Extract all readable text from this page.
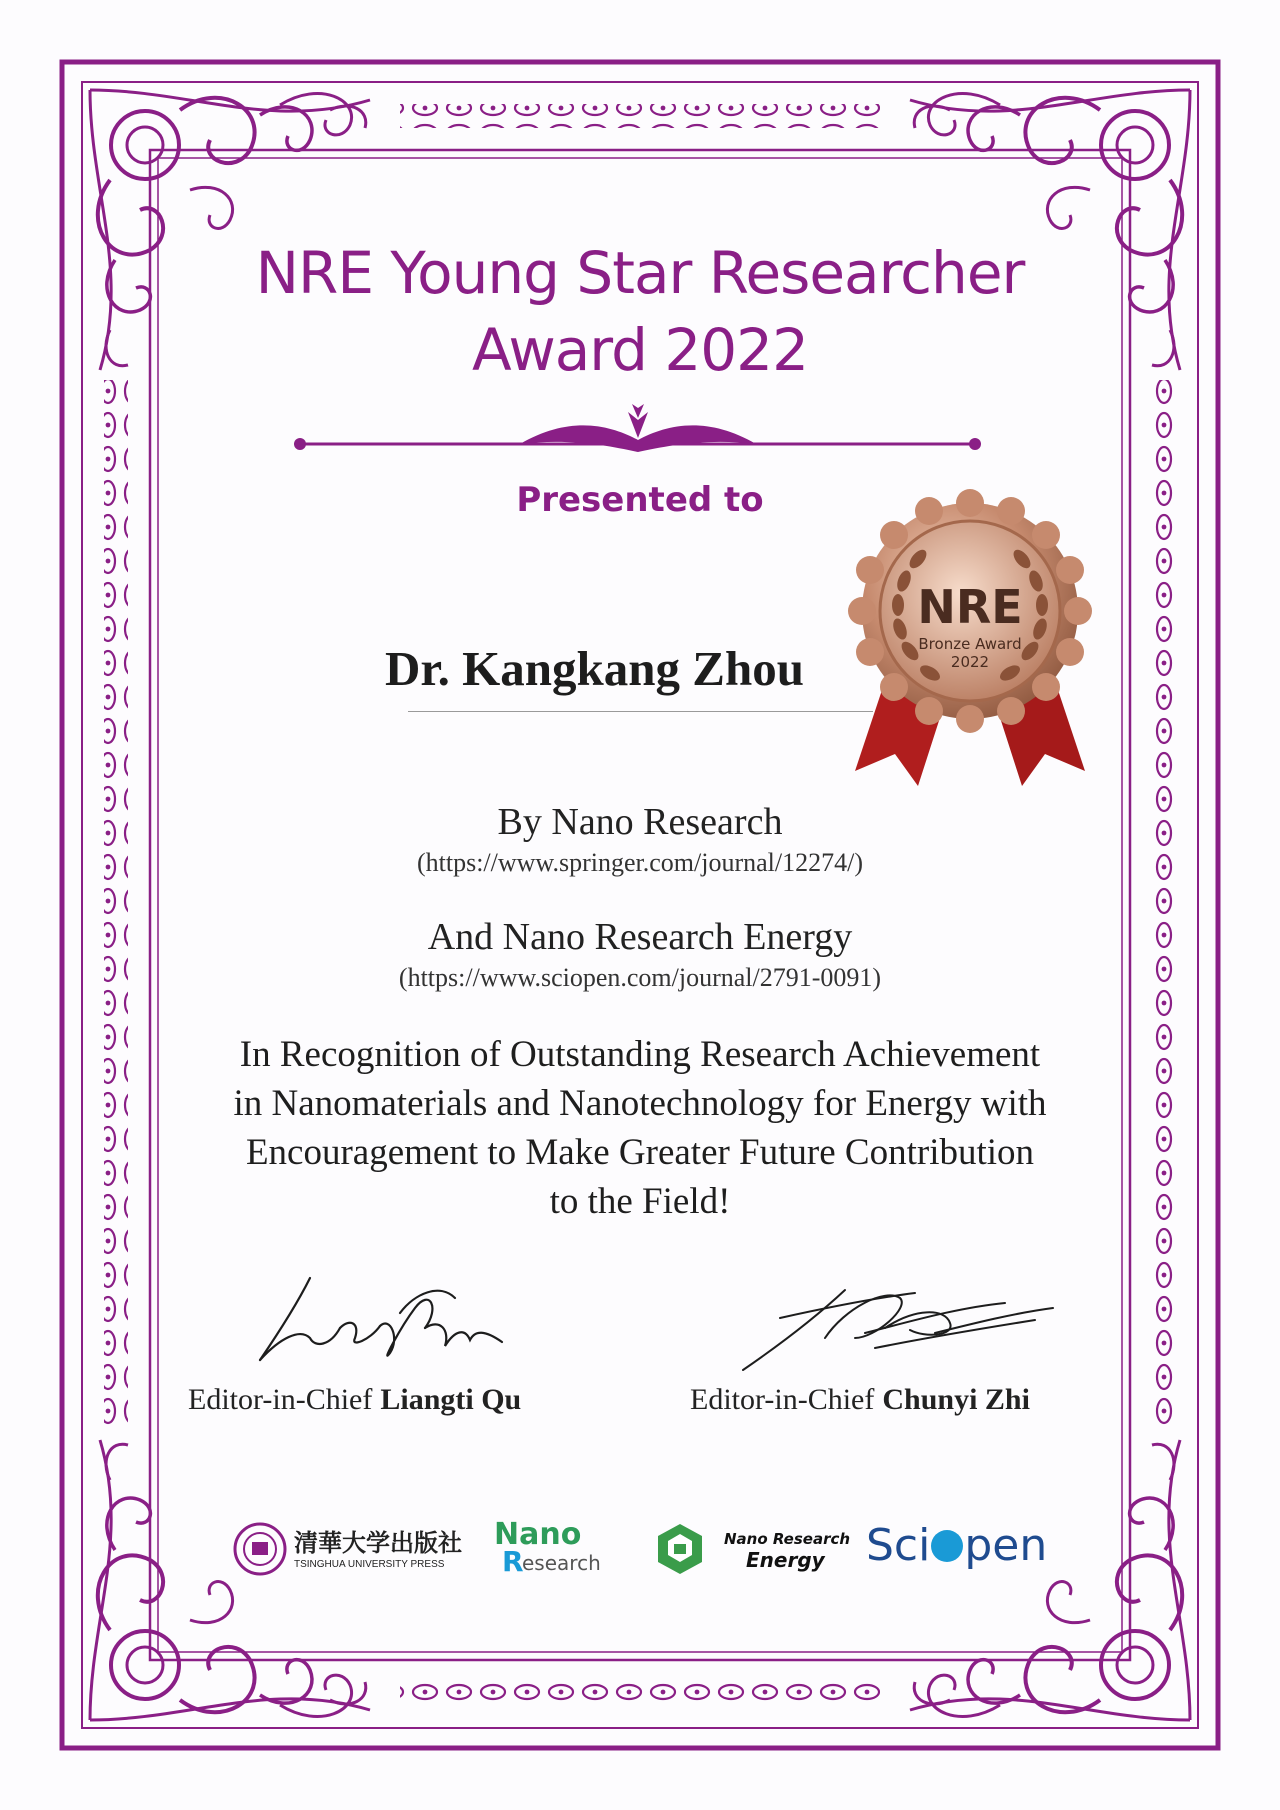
NRE Young Star Researcher
Award 2022
Presented to
Dr. Kangkang Zhou
NRE
Bronze Award
2022
By Nano Research
(https://www.springer.com/journal/12274/)
And Nano Research Energy
(https://www.sciopen.com/journal/2791-0091)
In Recognition of Outstanding Research Achievement
in Nanomaterials and Nanotechnology for Energy with
Encouragement to Make Greater Future Contribution
to the Field!
Editor-in-Chief Liangti Qu	Editor-in-Chief Chunyi Zhi
清華大学出版社
TSINGHUA UNIVERSITY PRESS
Nano
esearch
R
Nano Research
Energy Sci pen
